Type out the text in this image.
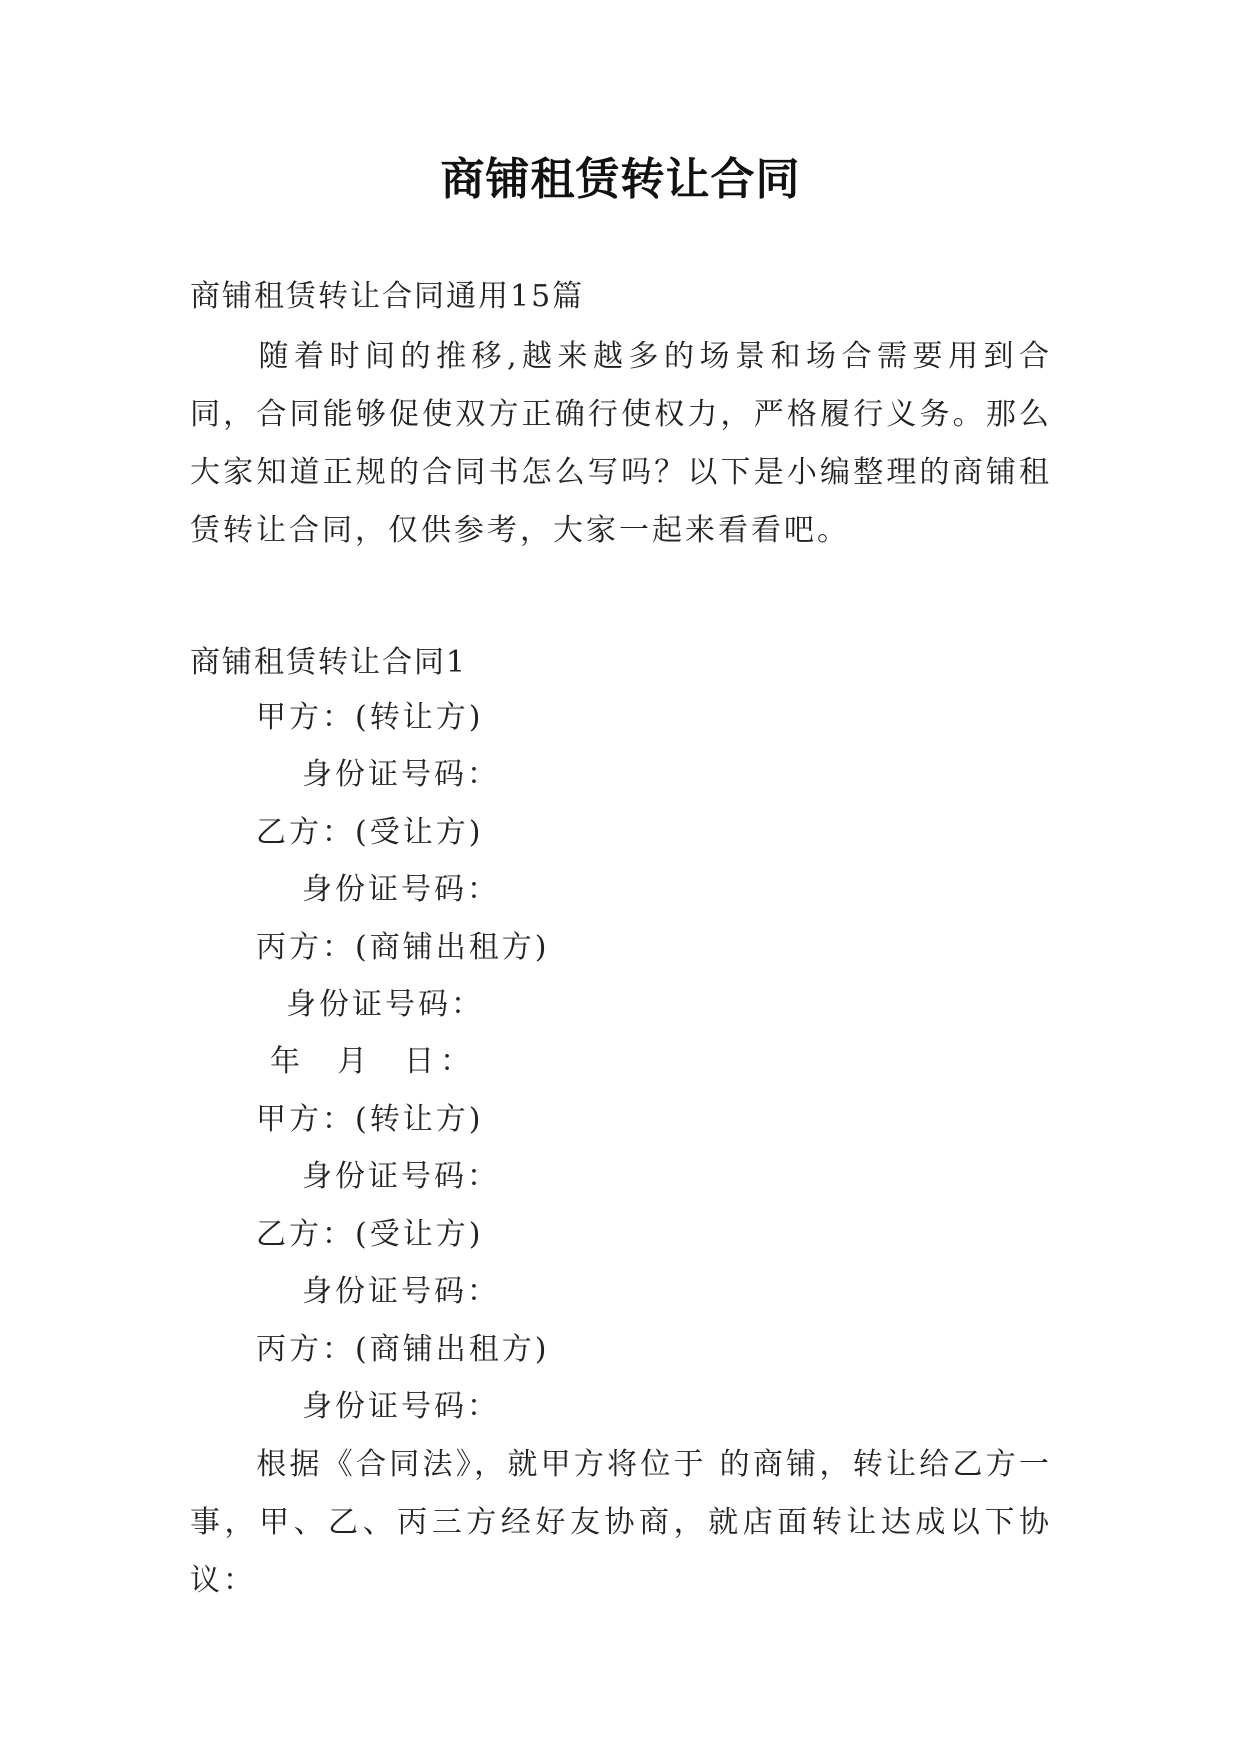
商铺租赁转让合同
商铺租赁转让合同通用15篇
随着时间的推移,越来越多的场景和场合需要用到合同，合同能够促使双方正确行使权力，严格履行义务。那么大家知道正规的合同书怎么写吗？以下是小编整理的商铺租赁转让合同，仅供参考，大家一起来看看吧。
商铺租赁转让合同1
甲方：(转让方)
身份证号码：
乙方：(受让方)
身份证号码：
丙方：(商铺出租方)
身份证号码：
年  月  日：
甲方：(转让方)
身份证号码：
乙方：(受让方)
身份证号码：
丙方：(商铺出租方)
身份证号码：
根据《合同法》，就甲方将位于 的商铺，转让给乙方一事，甲、乙、丙三方经好友协商，就店面转让达成以下协议：
